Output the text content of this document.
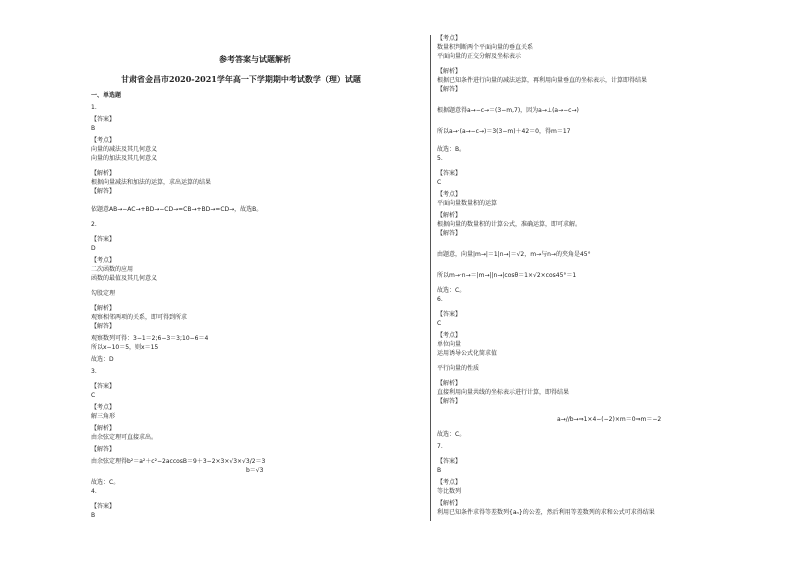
参考答案与试题解析
甘肃省金昌市2020-2021学年高一下学期期中考试数学（理）试题
一、单选题
1.
【答案】
B
【考点】
向量的减法及其几何意义
向量的加法及其几何意义
【解析】
根据向量减法和加法的运算，求出运算的结果
【解答】
依题意AB→−AC→+BD→−CD→=CB→+BD→=CD→，故选B。
2.
【答案】
D
【考点】
二次函数的应用
函数的最值及其几何意义
勾股定理
【解析】
观察相邻两项的关系，即可得到所求
【解答】
观察数列可得：3−1＝2;6−3＝3;10−6＝4
所以x−10＝5，则x＝15
故选：D
3.
【答案】
C
【考点】
解三角形
【解析】
由余弦定理可直接求出。
【解答】
由余弦定理得b²＝a²＋c²−2accosB＝9＋3−2×3×√3×√3/2＝3
b＝√3
故选：C。
4.
【答案】
B
【考点】
数量积判断两个平面向量的垂直关系
平面向量的正交分解及坐标表示
【解析】
根据已知条件进行向量的减法运算，再利用向量垂直的坐标表示，计算即得结果
【解答】
根据题意得a→−c→＝(3−m,7)，因为a→⊥(a→−c→)
所以a→·(a→−c→)＝3(3−m)＋42＝0，得m＝17
故选：B。
5.
【答案】
C
【考点】
平面向量数量积的运算
【解析】
根据向量的数量积的计算公式，准确运算，即可求解。
【解答】
由题意，向量|m→|＝1|n→|＝√2，m→与n→的夹角是45°
所以m→·n→＝|m→||n→|cosθ＝1×√2×cos45°＝1
故选：C。
6.
【答案】
C
【考点】
单位向量
运用诱导公式化简求值
平行向量的性质
【解析】
直接利用向量共线的坐标表示进行计算，即得结果
【解答】
a→//b→⇒1×4−(−2)×m＝0⇒m＝−2
故选：C。
7.
【答案】
B
【考点】
等比数列
【解析】
利用已知条件求得等差数列{aₙ}的公差，然后利用等差数列的求和公式可求得结果
